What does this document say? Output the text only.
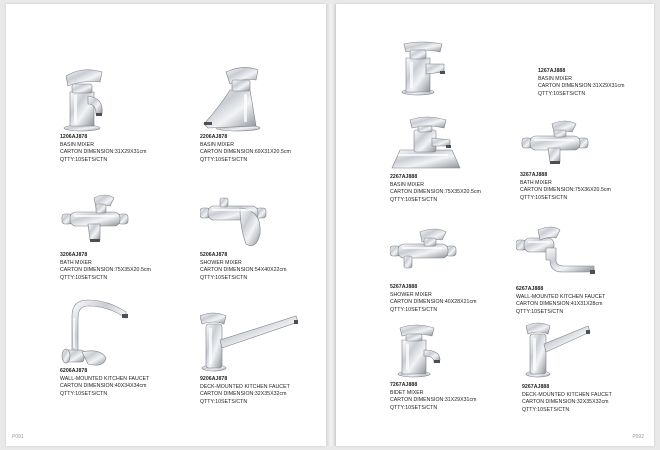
P091	P092
1206AJ878
BASIN MIXER
CARTON DIMENSION:31X29X31cm
QTTY:10SETS/CTN
2206AJ878
BASIN MIXER
CARTON DIMENSION:69X31X20.5cm
QTTY:10SETS/CTN
3206AJ878
BATH MIXER
CARTON DIMENSION:75X35X20.5cm
QTTY:10SETS/CTN
5206AJ878
SHOWER MIXER
CARTON DIMENSION:54X40X22cm
QTTY:10SETS/CTN
6206AJ878
WALL-MOUNTED KITCHEN FAUCET
CARTON DIMENSION:40X34X34cm
QTTY:10SETS/CTN
9206AJ878
DECK-MOUNTED KITCHEN FAUCET
CARTON DIMENSION:32X35X32cm
QTTY:10SETS/CTN
1267AJ888
BASIN MIXER
CARTON DIMENSION:31X29X31cm
QTTY:10SETS/CTN
2267AJ888
BASIN MIXER
CARTON DIMENSION:75X35X20.5cm
QTTY:10SETS/CTN
3267AJ888
BATH MIXER
CARTON DIMENSION:75X36X20.5cm
QTTY:10SETS/CTN
5267AJ888
SHOWER MIXER
CARTON DIMENSION:40X28X21cm
QTTY:10SETS/CTN
6267AJ888
WALL-MOUNTED KITCHEN FAUCET
CARTON DIMENSION:41X31X28cm
QTTY:10SETS/CTN
7267AJ888
BIDET MIXER
CARTON DIMENSION:31X29X31cm
QTTY:10SETS/CTN
9267AJ888
DECK-MOUNTED KITCHEN FAUCET
CARTON DIMENSION:32X35X32cm
QTTY:10SETS/CTN
